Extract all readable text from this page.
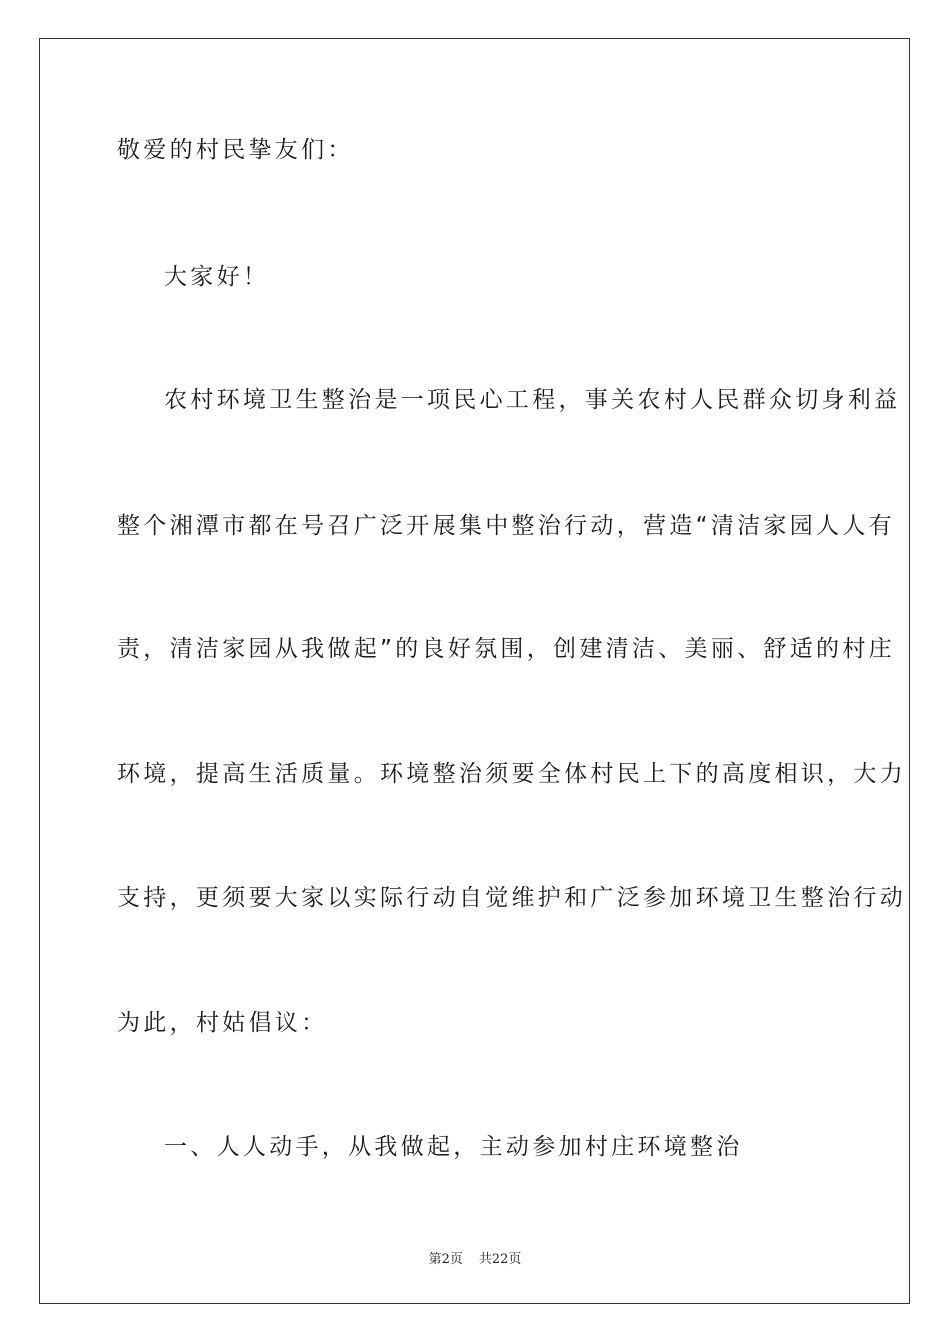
敬爱的村民挚友们：
大家好！
农村环境卫生整治是一项民心工程，事关农村人民群众切身利益
整个湘潭市都在号召广泛开展集中整治行动，营造“清洁家园人人有
责，清洁家园从我做起”的良好氛围，创建清洁、美丽、舒适的村庄
环境，提高生活质量。环境整治须要全体村民上下的高度相识，大力
支持，更须要大家以实际行动自觉维护和广泛参加环境卫生整治行动
为此，村姑倡议：
一、人人动手，从我做起，主动参加村庄环境整治
第2页 共22页
